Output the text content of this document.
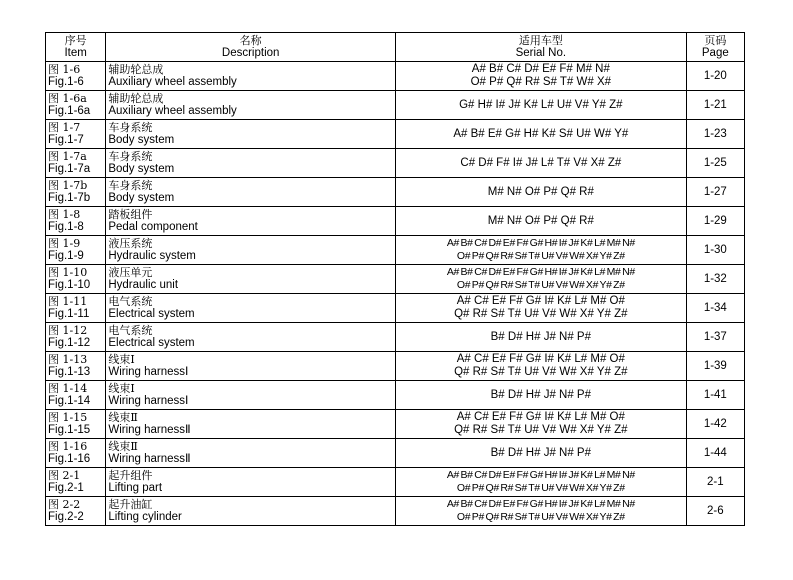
序号
Item	名称
Description	适用车型
Serial No.	页码
Page

图 1-6
Fig.1-6	辅助轮总成
Auxiliary wheel assembly	A# B# C# D# E# F# M# N#
O# P# Q# R# S# T# W# X#	1-20

图 1-6a
Fig.1-6a	辅助轮总成
Auxiliary wheel assembly	G# H# I# J# K# L# U# V# Y# Z#	1-21

图 1-7
Fig.1-7	车身系统
Body system	A# B# E# G# H# K# S# U# W# Y#	1-23

图 1-7a
Fig.1-7a	车身系统
Body system	C# D# F# I# J# L# T# V# X# Z#	1-25

图 1-7b
Fig.1-7b	车身系统
Body system	M# N# O# P# Q# R#	1-27

图 1-8
Fig.1-8	踏板组件
Pedal component	M# N# O# P# Q# R#	1-29

图 1-9
Fig.1-9	液压系统
Hydraulic system	A# B# C# D# E# F# G# H# I# J# K# L# M# N#
O# P# Q# R# S# T# U# V# W# X# Y# Z#	1-30

图 1-10
Fig.1-10	液压单元
Hydraulic unit	A# B# C# D# E# F# G# H# I# J# K# L# M# N#
O# P# Q# R# S# T# U# V# W# X# Y# Z#	1-32

图 1-11
Fig.1-11	电气系统
Electrical system	A# C# E# F# G# I# K# L# M# O#
Q# R# S# T# U# V# W# X# Y# Z#	1-34

图 1-12
Fig.1-12	电气系统
Electrical system	B# D# H# J# N# P#	1-37

图 1-13
Fig.1-13	线束Ⅰ
Wiring harnessⅠ	A# C# E# F# G# I# K# L# M# O#
Q# R# S# T# U# V# W# X# Y# Z#	1-39

图 1-14
Fig.1-14	线束Ⅰ
Wiring harnessⅠ	B# D# H# J# N# P#	1-41

图 1-15
Fig.1-15	线束Ⅱ
Wiring harnessⅡ	A# C# E# F# G# I# K# L# M# O#
Q# R# S# T# U# V# W# X# Y# Z#	1-42

图 1-16
Fig.1-16	线束Ⅱ
Wiring harnessⅡ	B# D# H# J# N# P#	1-44

图 2-1
Fig.2-1	起升组件
Lifting part	A# B# C# D# E# F# G# H# I# J# K# L# M# N#
O# P# Q# R# S# T# U# V# W# X# Y# Z#	2-1

图 2-2
Fig.2-2	起升油缸
Lifting cylinder	A# B# C# D# E# F# G# H# I# J# K# L# M# N#
O# P# Q# R# S# T# U# V# W# X# Y# Z#	2-6
